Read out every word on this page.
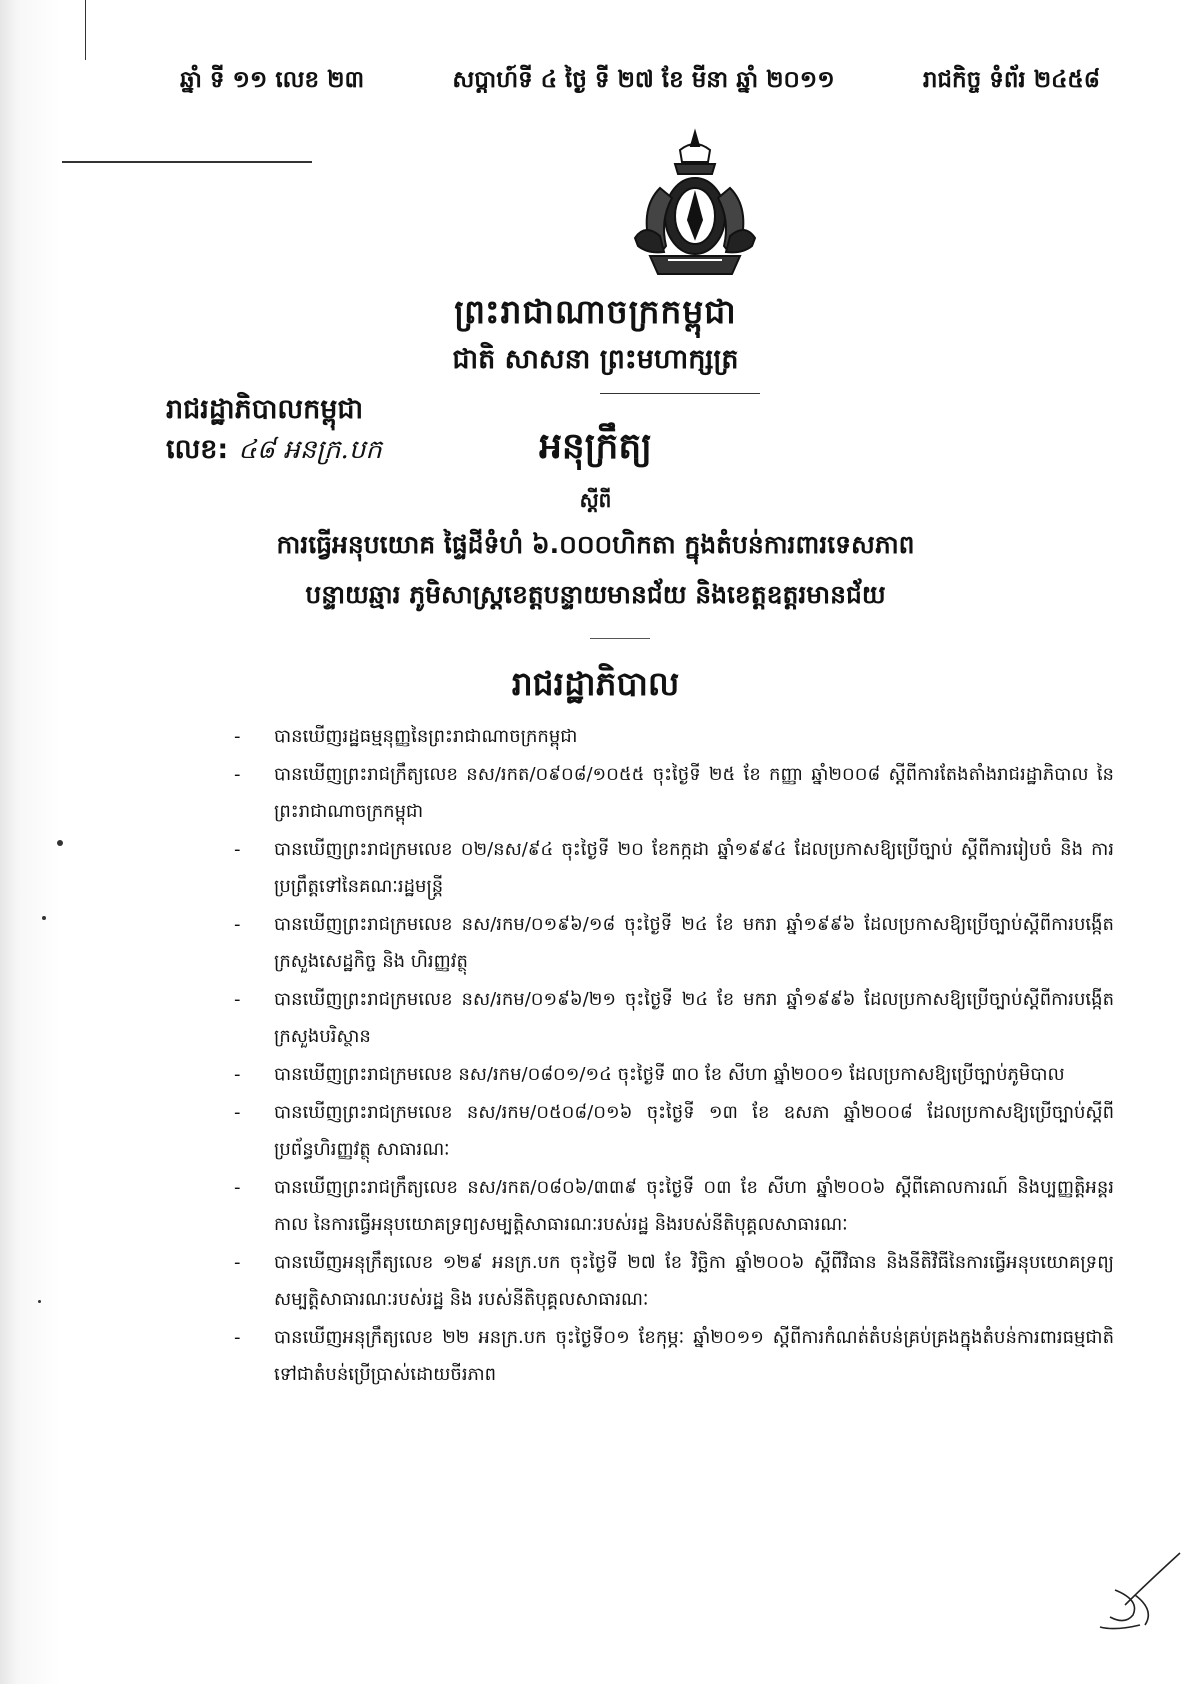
ឆ្នាំ ទី ១១ លេខ ២៣	សប្តាហ៍ទី ៤ ថ្ងៃ ទី ២៧ ខែ មីនា ឆ្នាំ ២០១១	រាជកិច្ច ទំព័រ ២៤៥៨
ព្រះរាជាណាចក្រកម្ពុជា
ជាតិ សាសនា ព្រះមហាក្សត្រ
រាជរដ្ឋាភិបាលកម្ពុជា
លេខ: ៤៨ អនក្រ.បក	អនុក្រឹត្យ
ស្តីពី
ការធ្វើអនុបយោគ ផ្ទៃដីទំហំ ៦.០០០ហិកតា ក្នុងតំបន់ការពារទេសភាព
បន្ទាយឆ្មារ ភូមិសាស្ត្រខេត្តបន្ទាយមានជ័យ និងខេត្តឧត្តរមានជ័យ
រាជរដ្ឋាភិបាល
- បានឃើញរដ្ឋធម្មនុញ្ញនៃព្រះរាជាណាចក្រកម្ពុជា
- បានឃើញព្រះរាជក្រឹត្យលេខ នស/រកត/០៩០៨/១០៥៥ ចុះថ្ងៃទី ២៥ ខែ កញ្ញា ឆ្នាំ២០០៨ ស្តីពីការតែងតាំងរាជរដ្ឋាភិបាល នៃព្រះរាជាណាចក្រកម្ពុជា
- បានឃើញព្រះរាជក្រមលេខ ០២/នស/៩៤ ចុះថ្ងៃទី ២០ ខែកក្កដា ឆ្នាំ១៩៩៤ ដែលប្រកាសឱ្យប្រើច្បាប់ ស្តីពីការរៀបចំ និង ការប្រព្រឹត្តទៅនៃគណៈរដ្ឋមន្ត្រី
- បានឃើញព្រះរាជក្រមលេខ នស/រកម/០១៩៦/១៨ ចុះថ្ងៃទី ២៤ ខែ មករា ឆ្នាំ១៩៩៦ ដែលប្រកាសឱ្យប្រើច្បាប់ស្តីពីការបង្កើតក្រសួងសេដ្ឋកិច្ច និង ហិរញ្ញវត្ថុ
- បានឃើញព្រះរាជក្រមលេខ នស/រកម/០១៩៦/២១ ចុះថ្ងៃទី ២៤ ខែ មករា ឆ្នាំ១៩៩៦ ដែលប្រកាសឱ្យប្រើច្បាប់ស្តីពីការបង្កើតក្រសួងបរិស្ថាន
- បានឃើញព្រះរាជក្រមលេខ នស/រកម/០៨០១/១៤ ចុះថ្ងៃទី ៣០ ខែ សីហា ឆ្នាំ២០០១ ដែលប្រកាសឱ្យប្រើច្បាប់ភូមិបាល
- បានឃើញព្រះរាជក្រមលេខ នស/រកម/០៥០៨/០១៦ ចុះថ្ងៃទី ១៣ ខែ ឧសភា ឆ្នាំ២០០៨ ដែលប្រកាសឱ្យប្រើច្បាប់ស្តីពីប្រព័ន្ធហិរញ្ញវត្ថុ សាធារណៈ
- បានឃើញព្រះរាជក្រឹត្យលេខ នស/រកត/០៨០៦/៣៣៩ ចុះថ្ងៃទី ០៣ ខែ សីហា ឆ្នាំ២០០៦ ស្តីពីគោលការណ៍ និងប្បញ្ញត្តិអន្តរកាល នៃការធ្វើអនុបយោគទ្រព្យសម្បត្តិសាធារណៈរបស់រដ្ឋ និងរបស់នីតិបុគ្គលសាធារណៈ
- បានឃើញអនុក្រឹត្យលេខ ១២៩ អនក្រ.បក ចុះថ្ងៃទី ២៧ ខែ វិច្ឆិកា ឆ្នាំ២០០៦ ស្តីពីវិធាន និងនីតិវិធីនៃការធ្វើអនុបយោគទ្រព្យសម្បត្តិសាធារណៈរបស់រដ្ឋ និង របស់នីតិបុគ្គលសាធារណៈ
- បានឃើញអនុក្រឹត្យលេខ ២២ អនក្រ.បក ចុះថ្ងៃទី០១ ខែកុម្ភៈ ឆ្នាំ២០១១ ស្តីពីការកំណត់តំបន់គ្រប់គ្រងក្នុងតំបន់ការពារធម្មជាតិ ទៅជាតំបន់ប្រើប្រាស់ដោយចីរភាព
